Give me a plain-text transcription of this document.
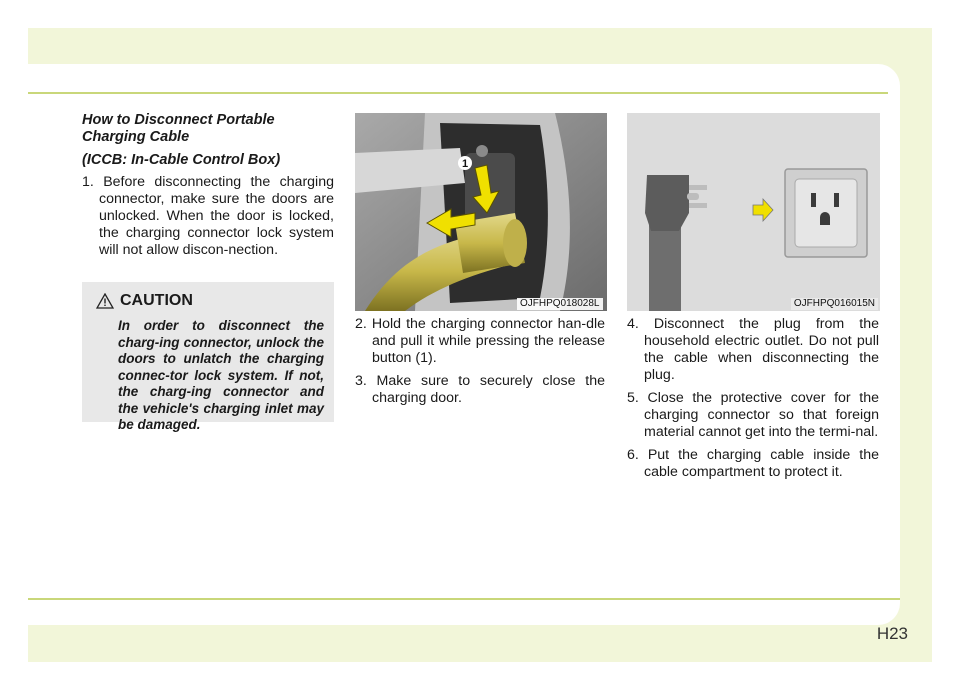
How to Disconnect Portable Charging Cable

(ICCB: In-Cable Control Box)

1. Before disconnecting the charging connector, make sure the doors are unlocked. When the door is locked, the charging connector lock system will not allow discon-nection.

CAUTION
In order to disconnect the charg-ing connector, unlock the doors to unlatch the charging connec-tor lock system. If not, the charg-ing connector and the vehicle's charging inlet may be damaged.
1
OJFHPQ018028L	OJFHPQ016015N

2. Hold the charging connector han-dle and pull it while pressing the release button (1).

3. Make sure to securely close the charging door.

4. Disconnect the plug from the household electric outlet. Do not pull the cable when disconnecting the plug.

5. Close the protective cover for the charging connector so that foreign material cannot get into the termi-nal.

6. Put the charging cable inside the cable compartment to protect it.

H23
